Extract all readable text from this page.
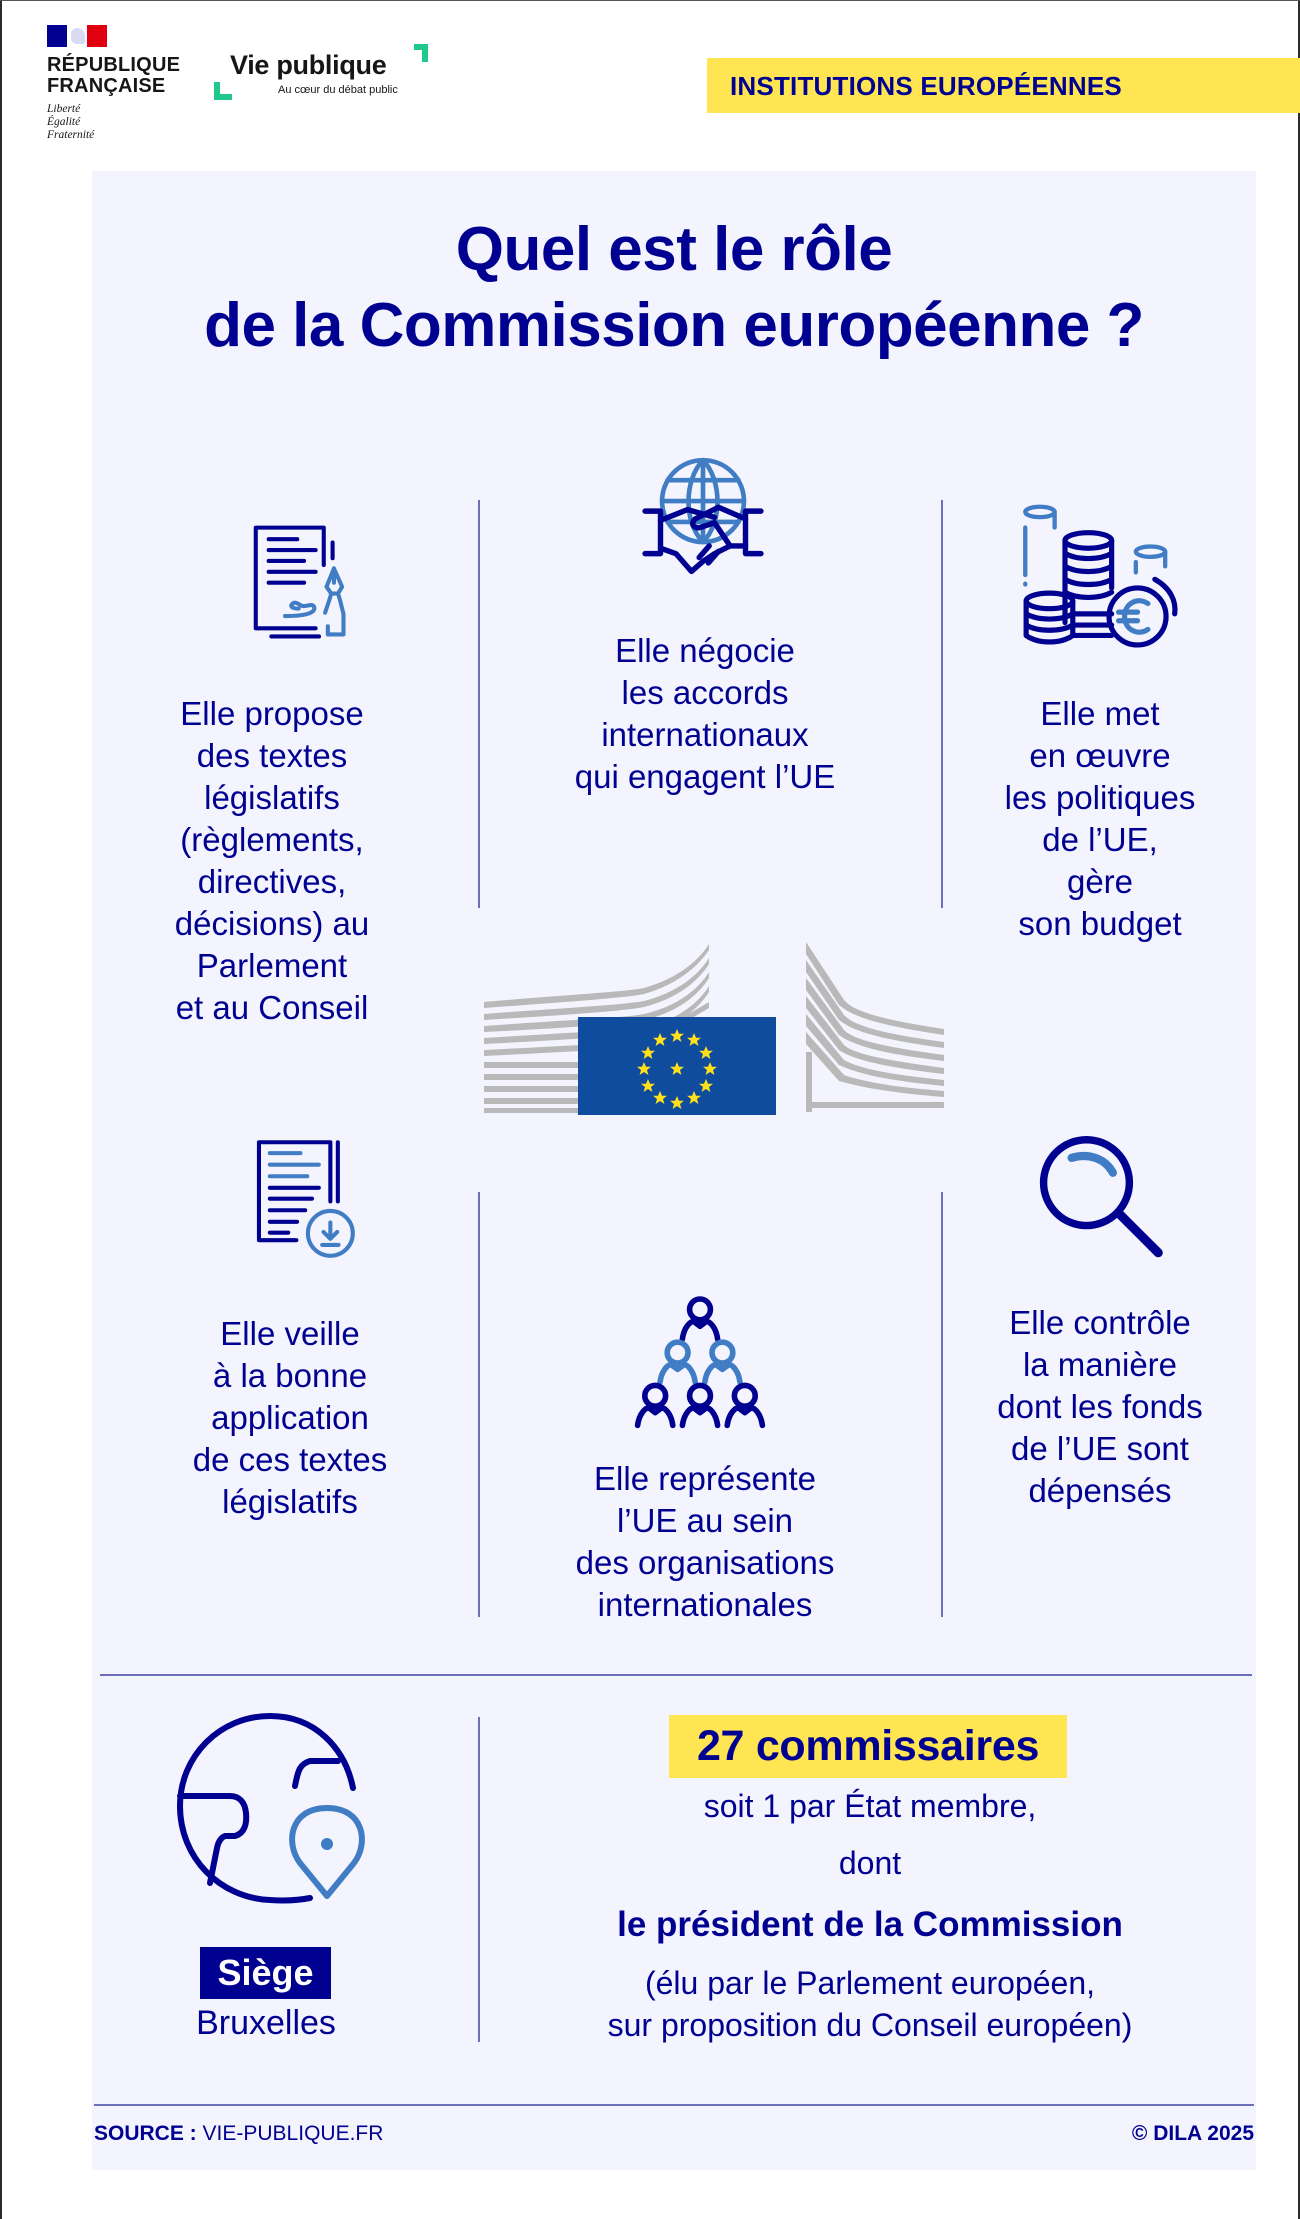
RÉPUBLIQUE
FRANÇAISE
Liberté
Égalité
Fraternité
Vie publique
Au cœur du débat public	INSTITUTIONS EUROPÉENNES
Quel est le rôle
de la Commission européenne ?
Elle propose
des textes
législatifs
(règlements,
directives,
décisions) au
Parlement
et au Conseil
Elle négocie
les accords
internationaux
qui engagent l’UE
Elle met
en œuvre
les politiques
de l’UE,
gère
son budget
Elle veille
à la bonne
application
de ces textes
législatifs
Elle représente
l’UE au sein
des organisations
internationales
Elle contrôle
la manière
dont les fonds
de l’UE sont
dépensés
Siège
Bruxelles
27 commissaires
soit 1 par État membre,
dont
le président de la Commission
(élu par le Parlement européen,
sur proposition du Conseil européen)
SOURCE : VIE-PUBLIQUE.FR	© DILA 2025
